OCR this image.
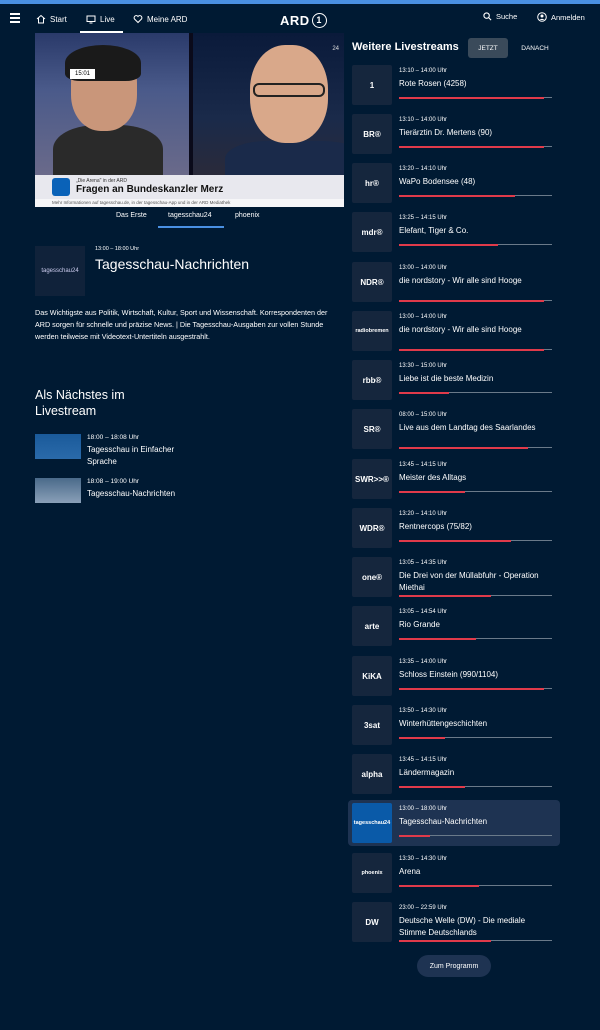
Start	Live	Meine ARD	ARD 1	Suche	Anmelden
15:01
24
„Die Arena" in der ARD
Fragen an Bundeskanzler Merz
Mehr Informationen auf tagesschau.de, in der tagesschau-App und in der ARD Mediathek
Das Erste	tagesschau24	phoenix
tagesschau24
13:00 – 18:00 Uhr
Tagesschau-Nachrichten
Das Wichtigste aus Politik, Wirtschaft, Kultur, Sport und Wissenschaft. Korrespondenten der ARD sorgen für schnelle und präzise News. | Die Tagesschau-Ausgaben zur vollen Stunde werden teilweise mit Videotext-Untertiteln ausgestrahlt.
Als Nächstes im Livestream
18:00 – 18:08 Uhr
Tagesschau in Einfacher Sprache
18:08 – 19:00 Uhr
Tagesschau-Nachrichten
Weitere Livestreams	JETZT	DANACH
1
13:10 – 14:00 Uhr
Rote Rosen (4258)
BR®
13:10 – 14:00 Uhr
Tierärztin Dr. Mertens (90)
hr®
13:20 – 14:10 Uhr
WaPo Bodensee (48)
mdr®
13:25 – 14:15 Uhr
Elefant, Tiger & Co.
NDR®
13:00 – 14:00 Uhr
die nordstory - Wir alle sind Hooge
radiobremen
13:00 – 14:00 Uhr
die nordstory - Wir alle sind Hooge
rbb®
13:30 – 15:00 Uhr
Liebe ist die beste Medizin
SR®
08:00 – 15:00 Uhr
Live aus dem Landtag des Saarlandes
SWR>>®
13:45 – 14:15 Uhr
Meister des Alltags
WDR®
13:20 – 14:10 Uhr
Rentnercops (75/82)
one®
13:05 – 14:35 Uhr
Die Drei von der Müllabfuhr - Operation Miethai
arte
13:05 – 14:54 Uhr
Rio Grande
KiKA
13:35 – 14:00 Uhr
Schloss Einstein (990/1104)
3sat
13:50 – 14:30 Uhr
Winterhüttengeschichten
alpha
13:45 – 14:15 Uhr
Ländermagazin
tagesschau24
13:00 – 18:00 Uhr
Tagesschau-Nachrichten
phoenix
13:30 – 14:30 Uhr
Arena
DW
23:00 – 22:59 Uhr
Deutsche Welle (DW) - Die mediale Stimme Deutschlands
Zum Programm
